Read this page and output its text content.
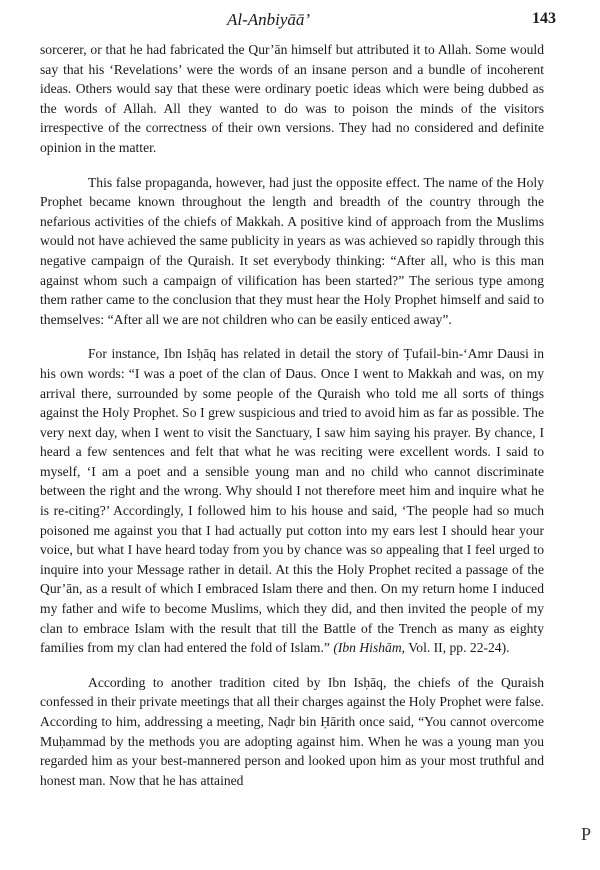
Al-Anbiyāā’	143

sorcerer, or that he had fabricated the Qur’ān himself but attributed it to Allah. Some would say that his ‘Revelations’ were the words of an insane person and a bundle of incoherent ideas. Others would say that these were ordinary poetic ideas which were being dubbed as the words of Allah. All they wanted to do was to poison the minds of the visitors irrespective of the correctness of their own versions. They had no considered and definite opinion in the matter.

This false propaganda, however, had just the opposite effect. The name of the Holy Prophet became known throughout the length and breadth of the country through the nefarious activities of the chiefs of Makkah. A positive kind of approach from the Muslims would not have achieved the same publicity in years as was achieved so rapidly through this negative campaign of the Quraish. It set everybody thinking: “After all, who is this man against whom such a campaign of vilification has been started?” The serious type among them rather came to the conclusion that they must hear the Holy Prophet himself and said to themselves: “After all we are not children who can be easily enticed away”.

For instance, Ibn Isḥāq has related in detail the story of Ṭufail-bin-‘Amr Dausi in his own words: “I was a poet of the clan of Daus. Once I went to Makkah and was, on my arrival there, surrounded by some people of the Quraish who told me all sorts of things against the Holy Prophet. So I grew suspicious and tried to avoid him as far as possible. The very next day, when I went to visit the Sanctuary, I saw him saying his prayer. By chance, I heard a few sentences and felt that what he was reciting were excellent words. I said to myself, ‘I am a poet and a sensible young man and no child who cannot discriminate between the right and the wrong. Why should I not therefore meet him and inquire what he is re-citing?’ Accordingly, I followed him to his house and said, ‘The people had so much poisoned me against you that I had actually put cotton into my ears lest I should hear your voice, but what I have heard today from you by chance was so appealing that I feel urged to inquire into your Message rather in detail. At this the Holy Prophet recited a passage of the Qur’ān, as a result of which I embraced Islam there and then. On my return home I induced my father and wife to become Muslims, which they did, and then invited the people of my clan to embrace Islam with the result that till the Battle of the Trench as many as eighty families from my clan had entered the fold of Islam.” (Ibn Hishām, Vol. II, pp. 22-24).

According to another tradition cited by Ibn Isḥāq, the chiefs of the Quraish confessed in their private meetings that all their charges against the Holy Prophet were false. According to him, addressing a meeting, Naḍr bin Ḥārith once said, “You cannot overcome Muḥammad by the methods you are adopting against him. When he was a young man you regarded him as your best-mannered person and looked upon him as your most truthful and honest man. Now that he has attained

P
